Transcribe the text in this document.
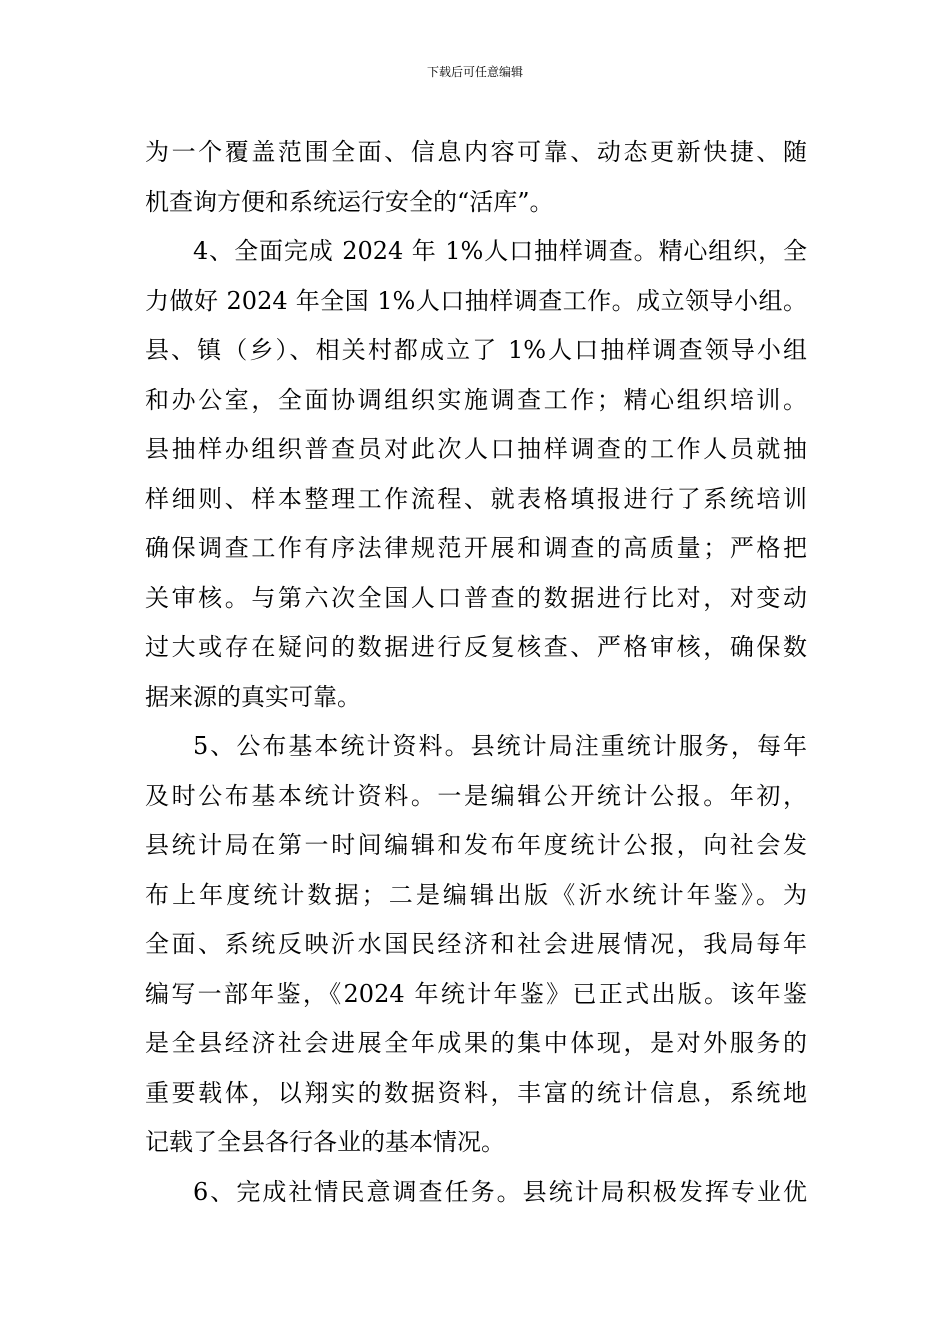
下载后可任意编辑
为一个覆盖范围全面、信息内容可靠、动态更新快捷、随
机查询方便和系统运行安全的“活库”。
4、全面完成 2024 年 1%人口抽样调查。精心组织，全
力做好 2024 年全国 1%人口抽样调查工作。成立领导小组。
县、镇（乡）、相关村都成立了 1%人口抽样调查领导小组
和办公室，全面协调组织实施调查工作；精心组织培训。
县抽样办组织普查员对此次人口抽样调查的工作人员就抽
样细则、样本整理工作流程、就表格填报进行了系统培训
确保调查工作有序法律规范开展和调查的高质量；严格把
关审核。与第六次全国人口普查的数据进行比对，对变动
过大或存在疑问的数据进行反复核查、严格审核，确保数
据来源的真实可靠。
5、公布基本统计资料。县统计局注重统计服务，每年
及时公布基本统计资料。一是编辑公开统计公报。年初，
县统计局在第一时间编辑和发布年度统计公报，向社会发
布上年度统计数据；二是编辑出版《沂水统计年鉴》。为
全面、系统反映沂水国民经济和社会进展情况，我局每年
编写一部年鉴，《2024 年统计年鉴》已正式出版。该年鉴
是全县经济社会进展全年成果的集中体现，是对外服务的
重要载体，以翔实的数据资料，丰富的统计信息，系统地
记载了全县各行各业的基本情况。
6、完成社情民意调查任务。县统计局积极发挥专业优
